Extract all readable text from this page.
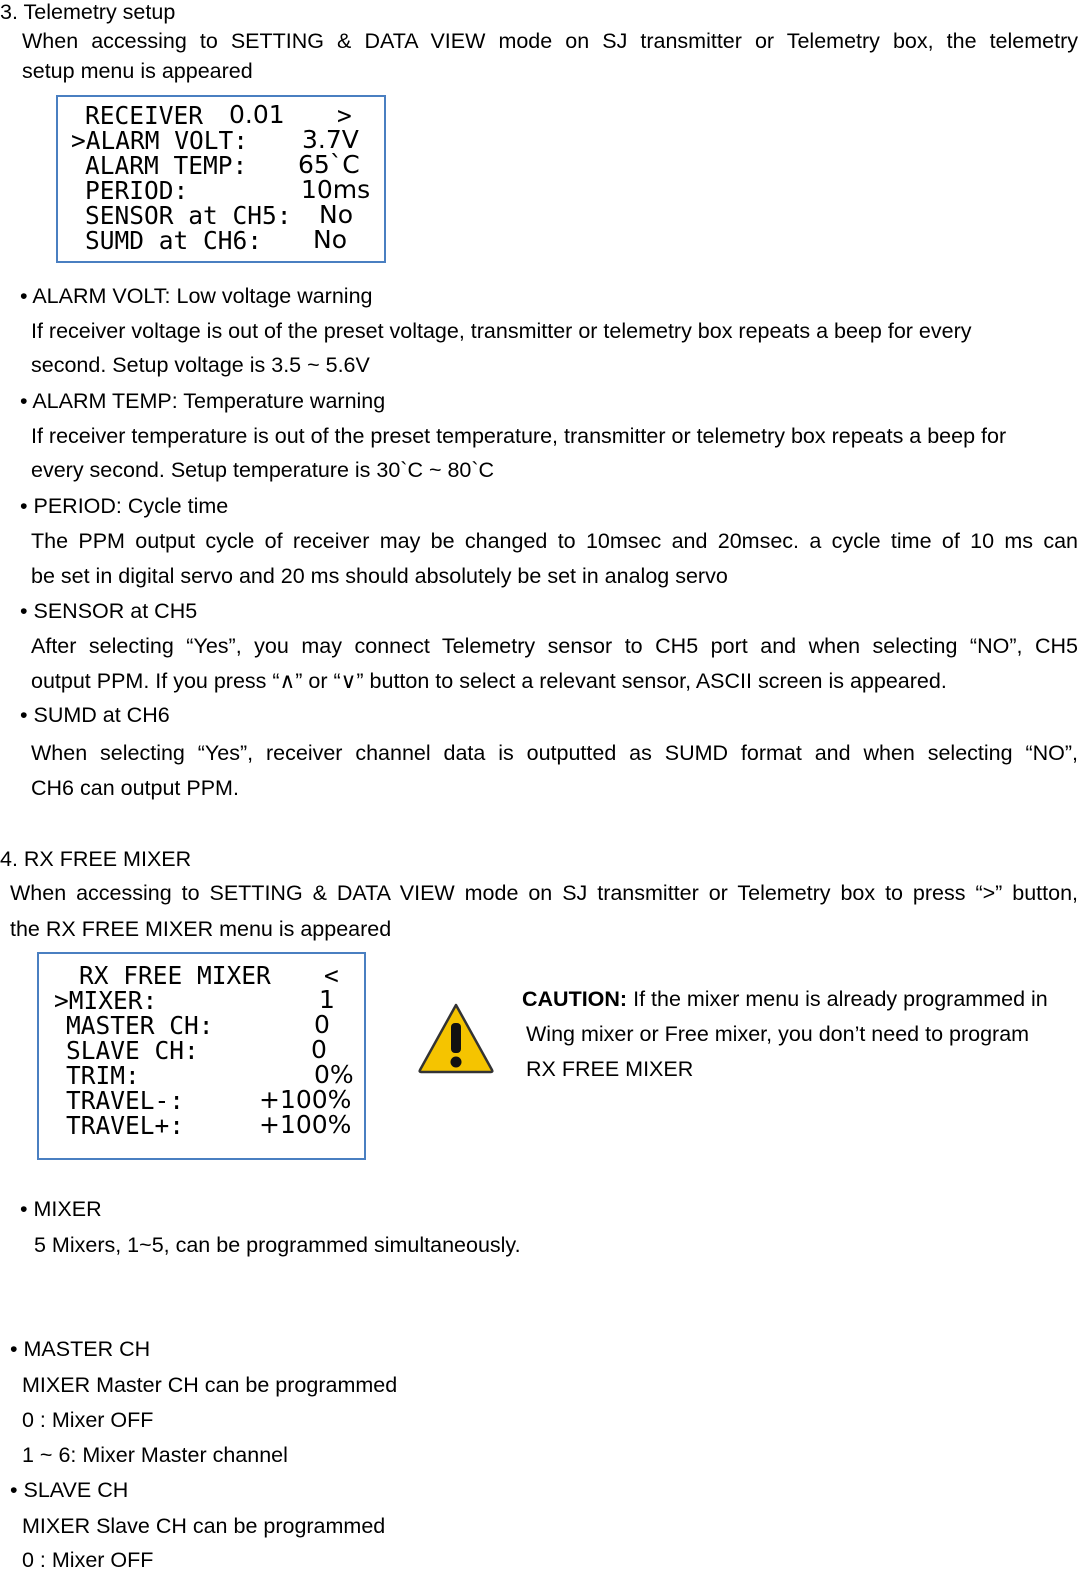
3. Telemetry setup
When accessing to SETTING & DATA VIEW mode on SJ transmitter or Telemetry box, the telemetry
setup menu is appeared
RECEIVER 0.01 >
>ALARM VOLT: 3.7V
ALARM TEMP: 65`C
PERIOD:	10ms
SENSOR at CH5: No
SUMD at CH6: No
• ALARM VOLT: Low voltage warning
If receiver voltage is out of the preset voltage, transmitter or telemetry box repeats a beep for every
second. Setup voltage is 3.5 ~ 5.6V
• ALARM TEMP: Temperature warning
If receiver temperature is out of the preset temperature, transmitter or telemetry box repeats a beep for
every second. Setup temperature is 30`C ~ 80`C
• PERIOD: Cycle time
The PPM output cycle of receiver may be changed to 10msec and 20msec. a cycle time of 10 ms can
be set in digital servo and 20 ms should absolutely be set in analog servo
• SENSOR at CH5
After selecting “Yes”, you may connect Telemetry sensor to CH5 port and when selecting “NO”, CH5
output PPM. If you press “∧” or “∨” button to select a relevant sensor, ASCII screen is appeared.
• SUMD at CH6
When selecting “Yes”, receiver channel data is outputted as SUMD format and when selecting “NO”,
CH6 can output PPM.
4. RX FREE MIXER
When accessing to SETTING & DATA VIEW mode on SJ transmitter or Telemetry box to press “>” button,
the RX FREE MIXER menu is appeared
RX FREE MIXER <
>MIXER:	1
MASTER CH:	0
SLAVE CH:	0
TRIM:	0%
TRAVEL-:	+100%
TRAVEL+:	+100%
CAUTION: If the mixer menu is already programmed in
Wing mixer or Free mixer, you don’t need to program
RX FREE MIXER
• MIXER
5 Mixers, 1~5, can be programmed simultaneously.
• MASTER CH
MIXER Master CH can be programmed
0 : Mixer OFF
1 ~ 6: Mixer Master channel
• SLAVE CH
MIXER Slave CH can be programmed
0 : Mixer OFF
